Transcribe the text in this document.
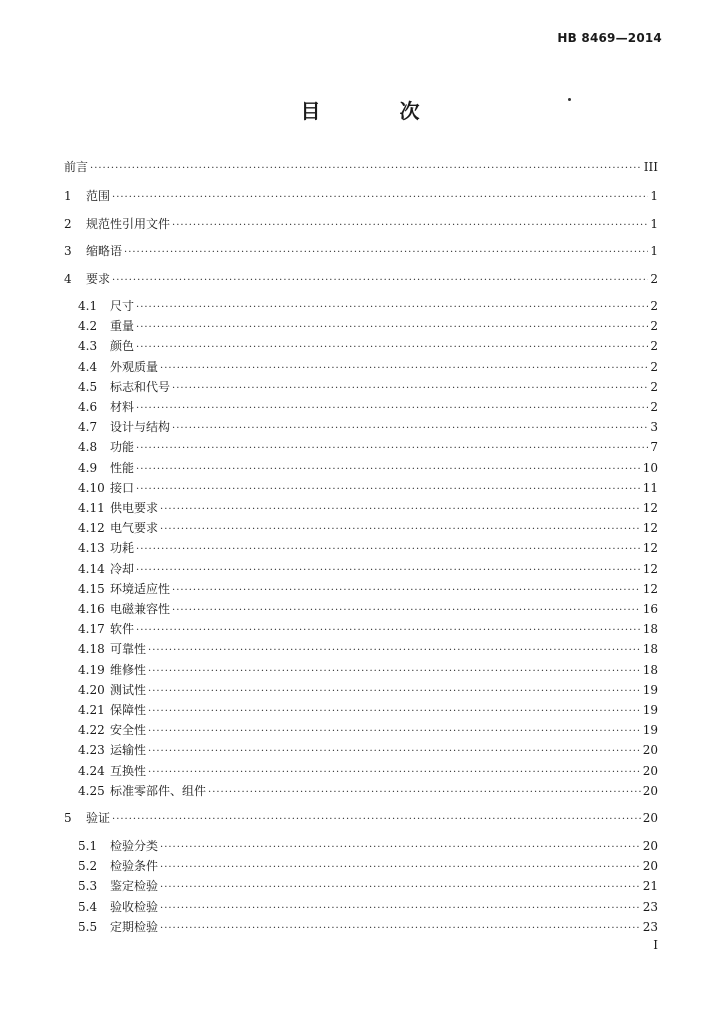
HB 8469—2014
目 次
前言 ·····	III
1	范围 ·····	1
2	规范性引用文件 ·····	1
3	缩略语 ·····	1
4	要求 ·····	2
4.1	尺寸 ·····	2
4.2	重量 ·····	2
4.3	颜色 ·····	2
4.4	外观质量 ·····	2
4.5	标志和代号 ·····	2
4.6	材料 ·····	2
4.7	设计与结构 ·····	3
4.8	功能 ·····	7
4.9	性能 ·····	10
4.10 接口 ·····	11
4.11 供电要求 ·····	12
4.12 电气要求 ·····	12
4.13 功耗 ·····	12
4.14 冷却 ·····	12
4.15 环境适应性 ·····	12
4.16 电磁兼容性 ·····	16
4.17 软件 ·····	18
4.18 可靠性 ·····	18
4.19 维修性 ·····	18
4.20 测试性 ·····	19
4.21 保障性 ·····	19
4.22 安全性 ·····	19
4.23 运输性 ·····	20
4.24 互换性 ·····	20
4.25 标准零部件、组件 ·····	20
5	验证 ·····	20
5.1	检验分类 ·····	20
5.2	检验条件 ·····	20
5.3	鉴定检验 ·····	21
5.4	验收检验 ·····	23
5.5	定期检验 ·····	23
I
